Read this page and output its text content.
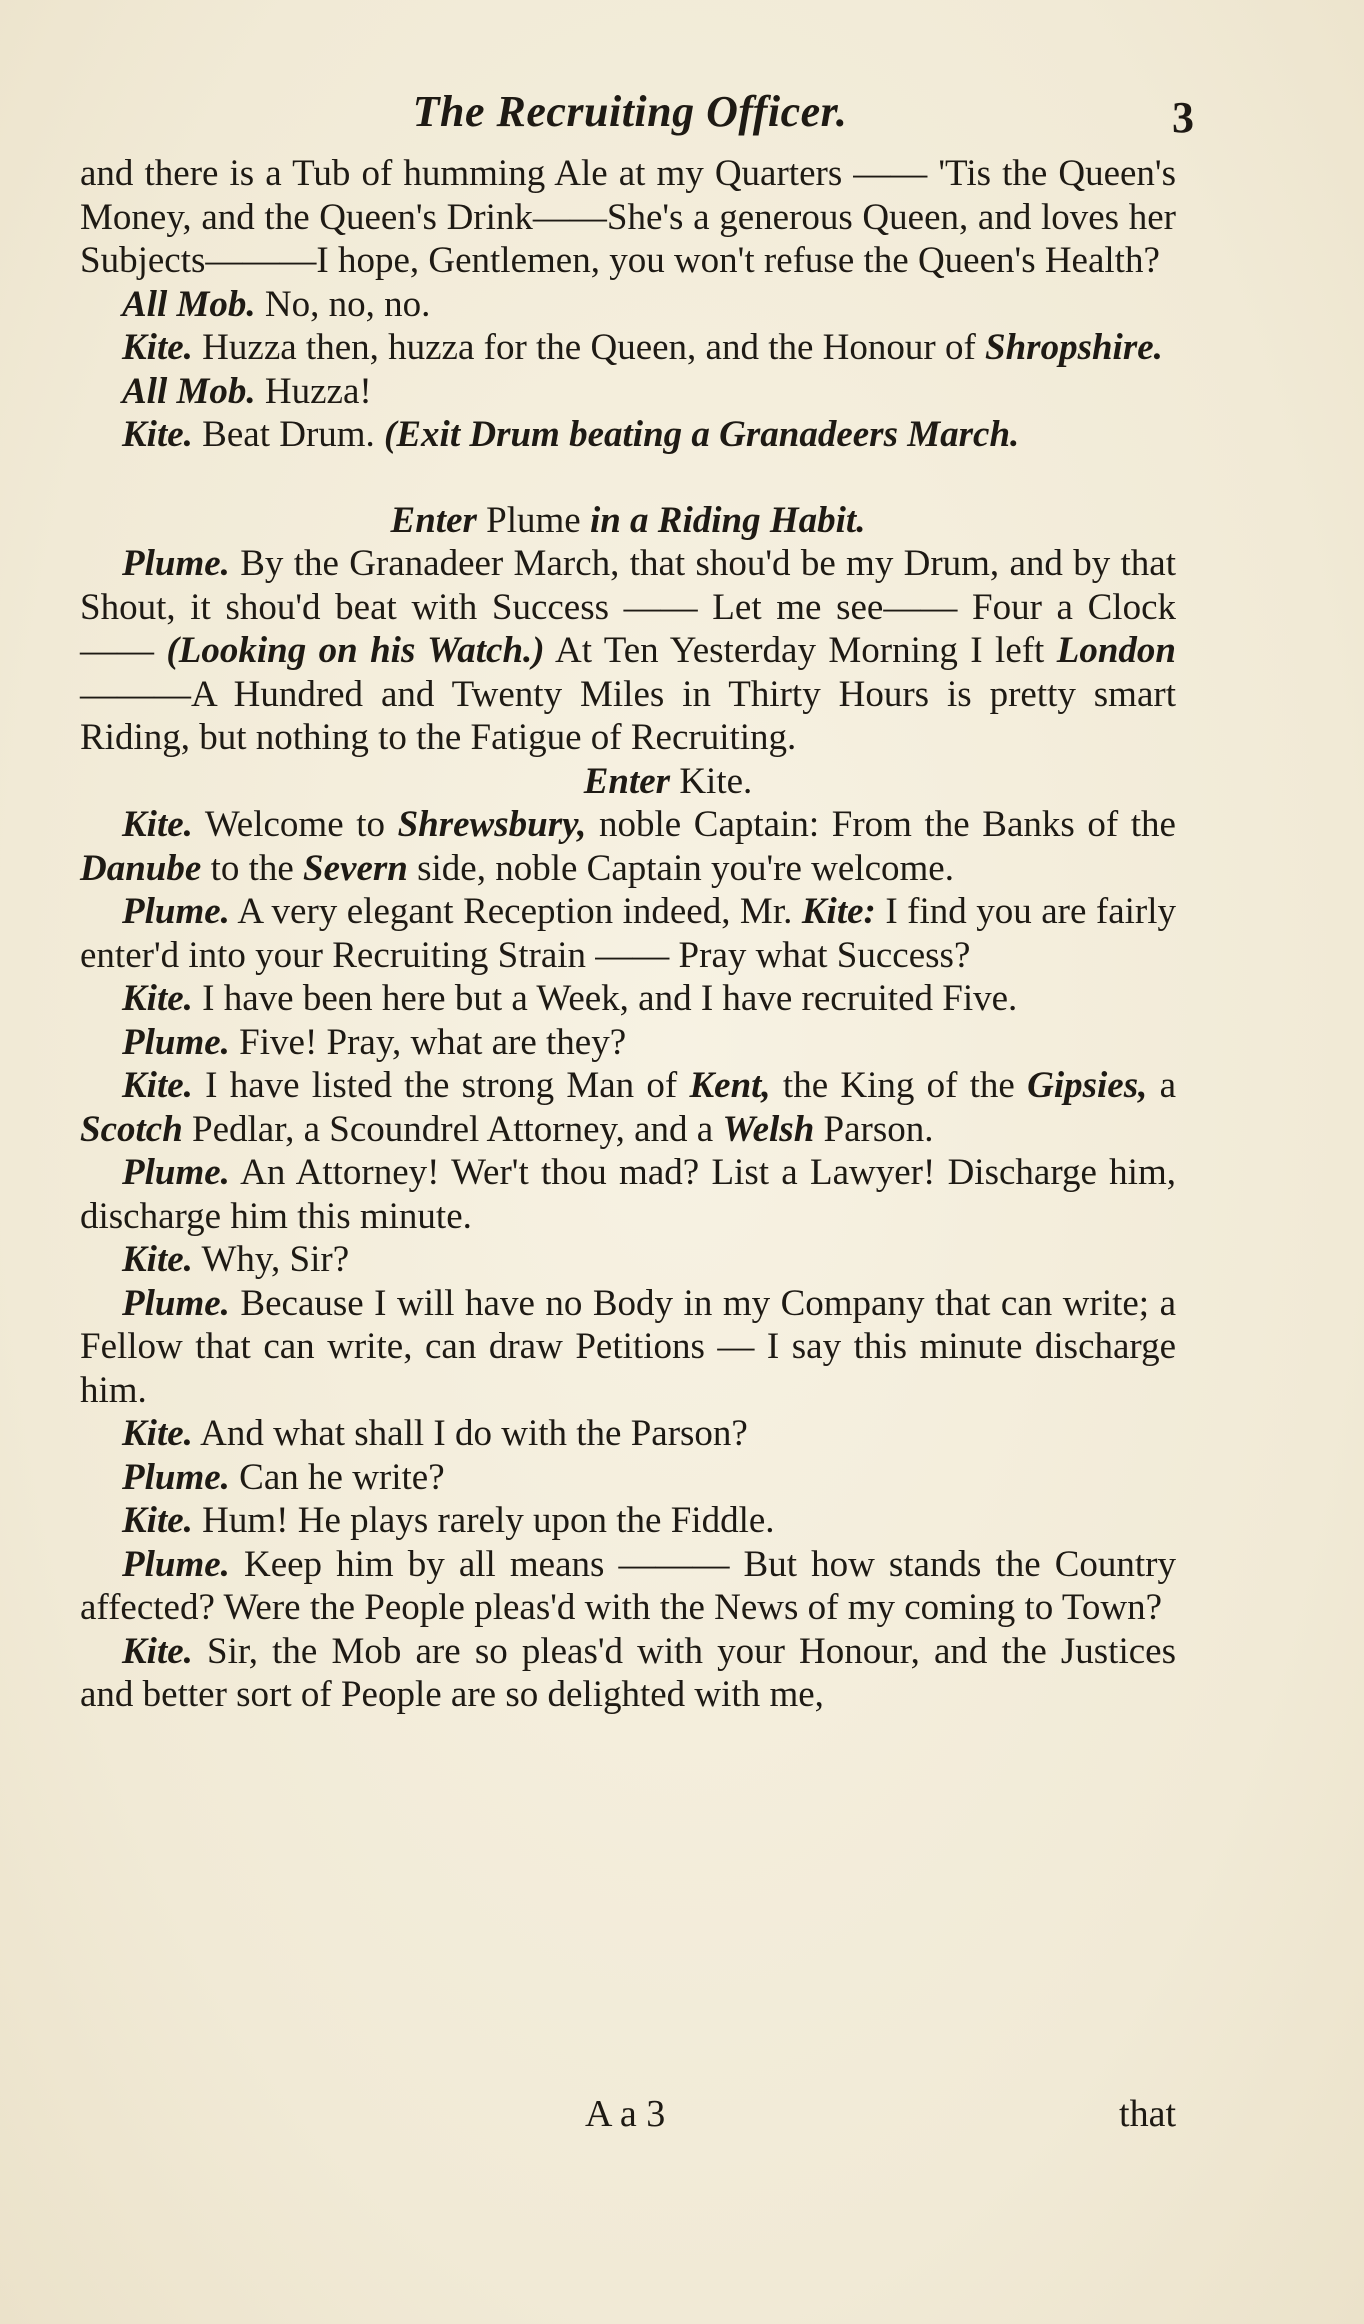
The Recruiting Officer.	3

and there is a Tub of humming Ale at my Quarters —— 'Tis the Queen's Money, and the Queen's Drink——She's a generous Queen, and loves her Subjects———I hope, Gentlemen, you won't refuse the Queen's Health?

All Mob. No, no, no.

Kite. Huzza then, huzza for the Queen, and the Honour of Shropshire.

All Mob. Huzza!

Kite. Beat Drum. (Exit Drum beating a Granadeers March.

Enter Plume in a Riding Habit.

Plume. By the Granadeer March, that shou'd be my Drum, and by that Shout, it shou'd beat with Success —— Let me see—— Four a Clock—— (Looking on his Watch.) At Ten Yesterday Morning I left London———A Hundred and Twenty Miles in Thirty Hours is pretty smart Riding, but nothing to the Fatigue of Recruiting.

Enter Kite.

Kite. Welcome to Shrewsbury, noble Captain: From the Banks of the Danube to the Severn side, noble Captain you're welcome.

Plume. A very elegant Reception indeed, Mr. Kite: I find you are fairly enter'd into your Recruiting Strain —— Pray what Success?

Kite. I have been here but a Week, and I have recruited Five.

Plume. Five! Pray, what are they?

Kite. I have listed the strong Man of Kent, the King of the Gipsies, a Scotch Pedlar, a Scoundrel Attorney, and a Welsh Parson.

Plume. An Attorney! Wer't thou mad? List a Lawyer! Discharge him, discharge him this minute.

Kite. Why, Sir?

Plume. Because I will have no Body in my Company that can write; a Fellow that can write, can draw Petitions — I say this minute discharge him.

Kite. And what shall I do with the Parson?

Plume. Can he write?

Kite. Hum! He plays rarely upon the Fiddle.

Plume. Keep him by all means ——— But how stands the Country affected? Were the People pleas'd with the News of my coming to Town?

Kite. Sir, the Mob are so pleas'd with your Honour, and the Justices and better sort of People are so delighted with me,

A a 3	that
